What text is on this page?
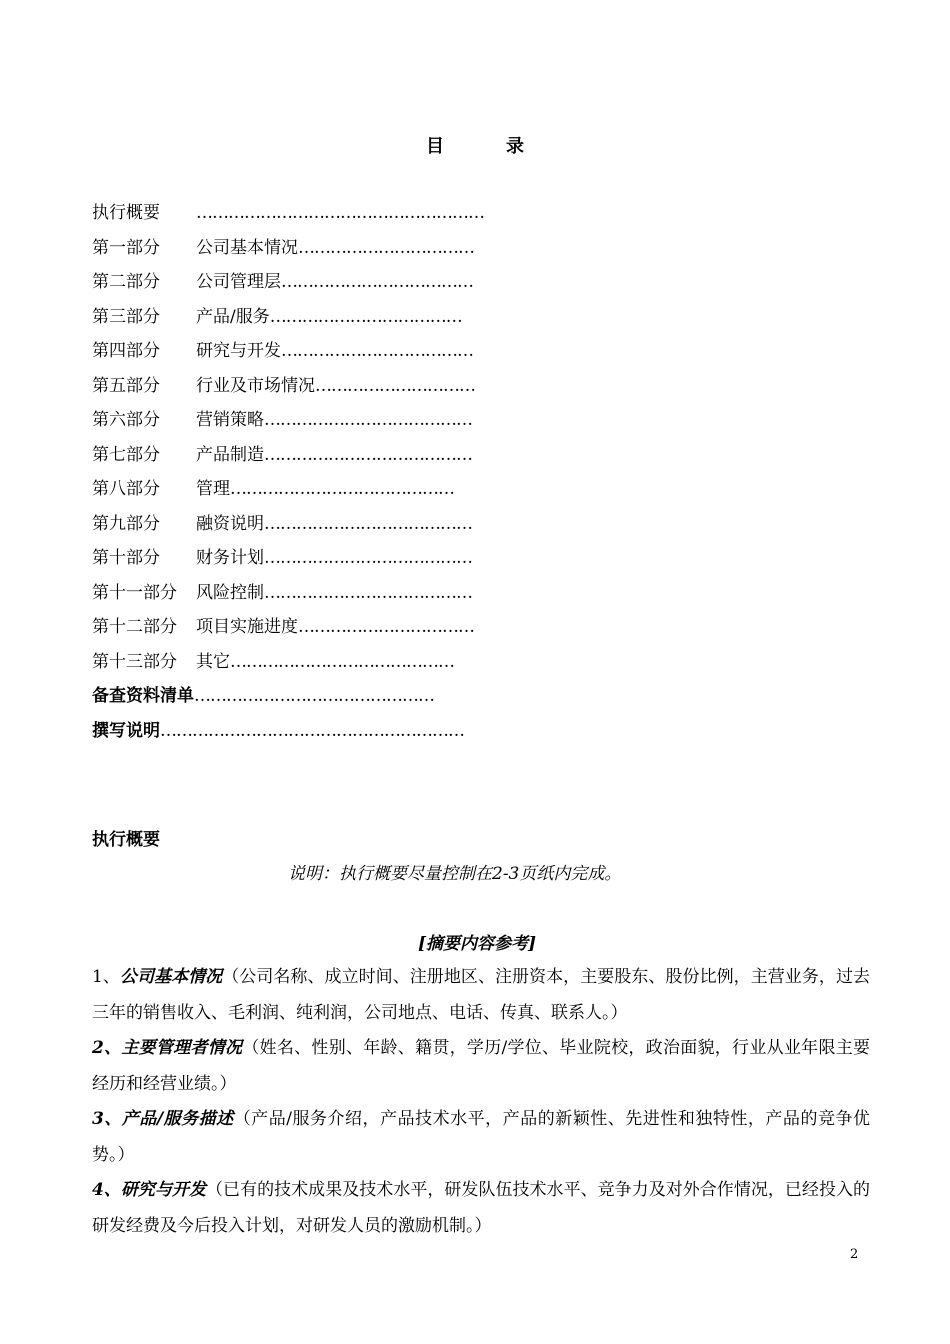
目	录
执行概要	………………………………………………
第一部分	公司基本情况 ……………………………
第二部分	公司管理层 ………………………………
第三部分	产品/服务 ………………………………
第四部分	研究与开发 ………………………………
第五部分	行业及市场情况 …………………………
第六部分	营销策略 …………………………………
第七部分	产品制造 …………………………………
第八部分	管理 ……………………………………
第九部分	融资说明 …………………………………
第十部分	财务计划 …………………………………
第十一部分	风险控制 …………………………………
第十二部分	项目实施进度 ……………………………
第十三部分	其它 ……………………………………
备查资料清单 ………………………………………
撰写说明 …………………………………………………
执行概要
说明：执行概要尽量控制在2-3页纸内完成。
[摘要内容参考]

1、公司基本情况（公司名称、成立时间、注册地区、注册资本，主要股东、股份比例，主营业务，过去三年的销售收入、毛利润、纯利润，公司地点、电话、传真、联系人。）

2、主要管理者情况（姓名、性别、年龄、籍贯，学历/学位、毕业院校，政治面貌，行业从业年限主要经历和经营业绩。）

3、产品/服务描述（产品/服务介绍，产品技术水平，产品的新颖性、先进性和独特性，产品的竞争优势。）

4、研究与开发（已有的技术成果及技术水平，研发队伍技术水平、竞争力及对外合作情况，已经投入的研发经费及今后投入计划，对研发人员的激励机制。）

2
